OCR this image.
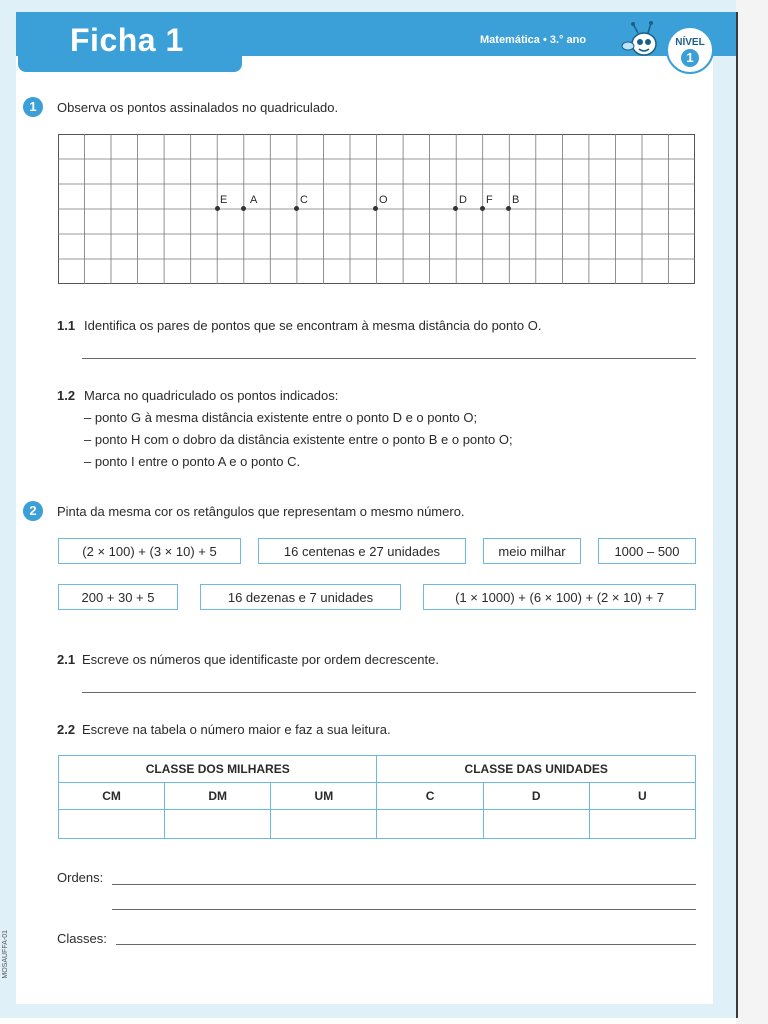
Ficha 1	Matemática • 3.° ano	NÍVEL
1
1	Observa os pontos assinalados no quadriculado.
E A	C	O	D F B
1.1 Identifica os pares de pontos que se encontram à mesma distância do ponto O.
1.2 Marca no quadriculado os pontos indicados:
– ponto G à mesma distância existente entre o ponto D e o ponto O;
– ponto H com o dobro da distância existente entre o ponto B e o ponto O;
– ponto I entre o ponto A e o ponto C.
2	Pinta da mesma cor os retângulos que representam o mesmo número.
(2 × 100) + (3 × 10) + 5	16 centenas e 27 unidades	meio milhar	1000 – 500
200 + 30 + 5	16 dezenas e 7 unidades	(1 × 1000) + (6 × 100) + (2 × 10) + 7
2.1 Escreve os números que identificaste por ordem decrescente.
2.2 Escreve na tabela o número maior e faz a sua leitura.
CLASSE DOS MILHARES			CLASSE DAS UNIDADES		
CM	DM	UM	C	D	U

Ordens:
Classes:
MOSAUFFA-01
